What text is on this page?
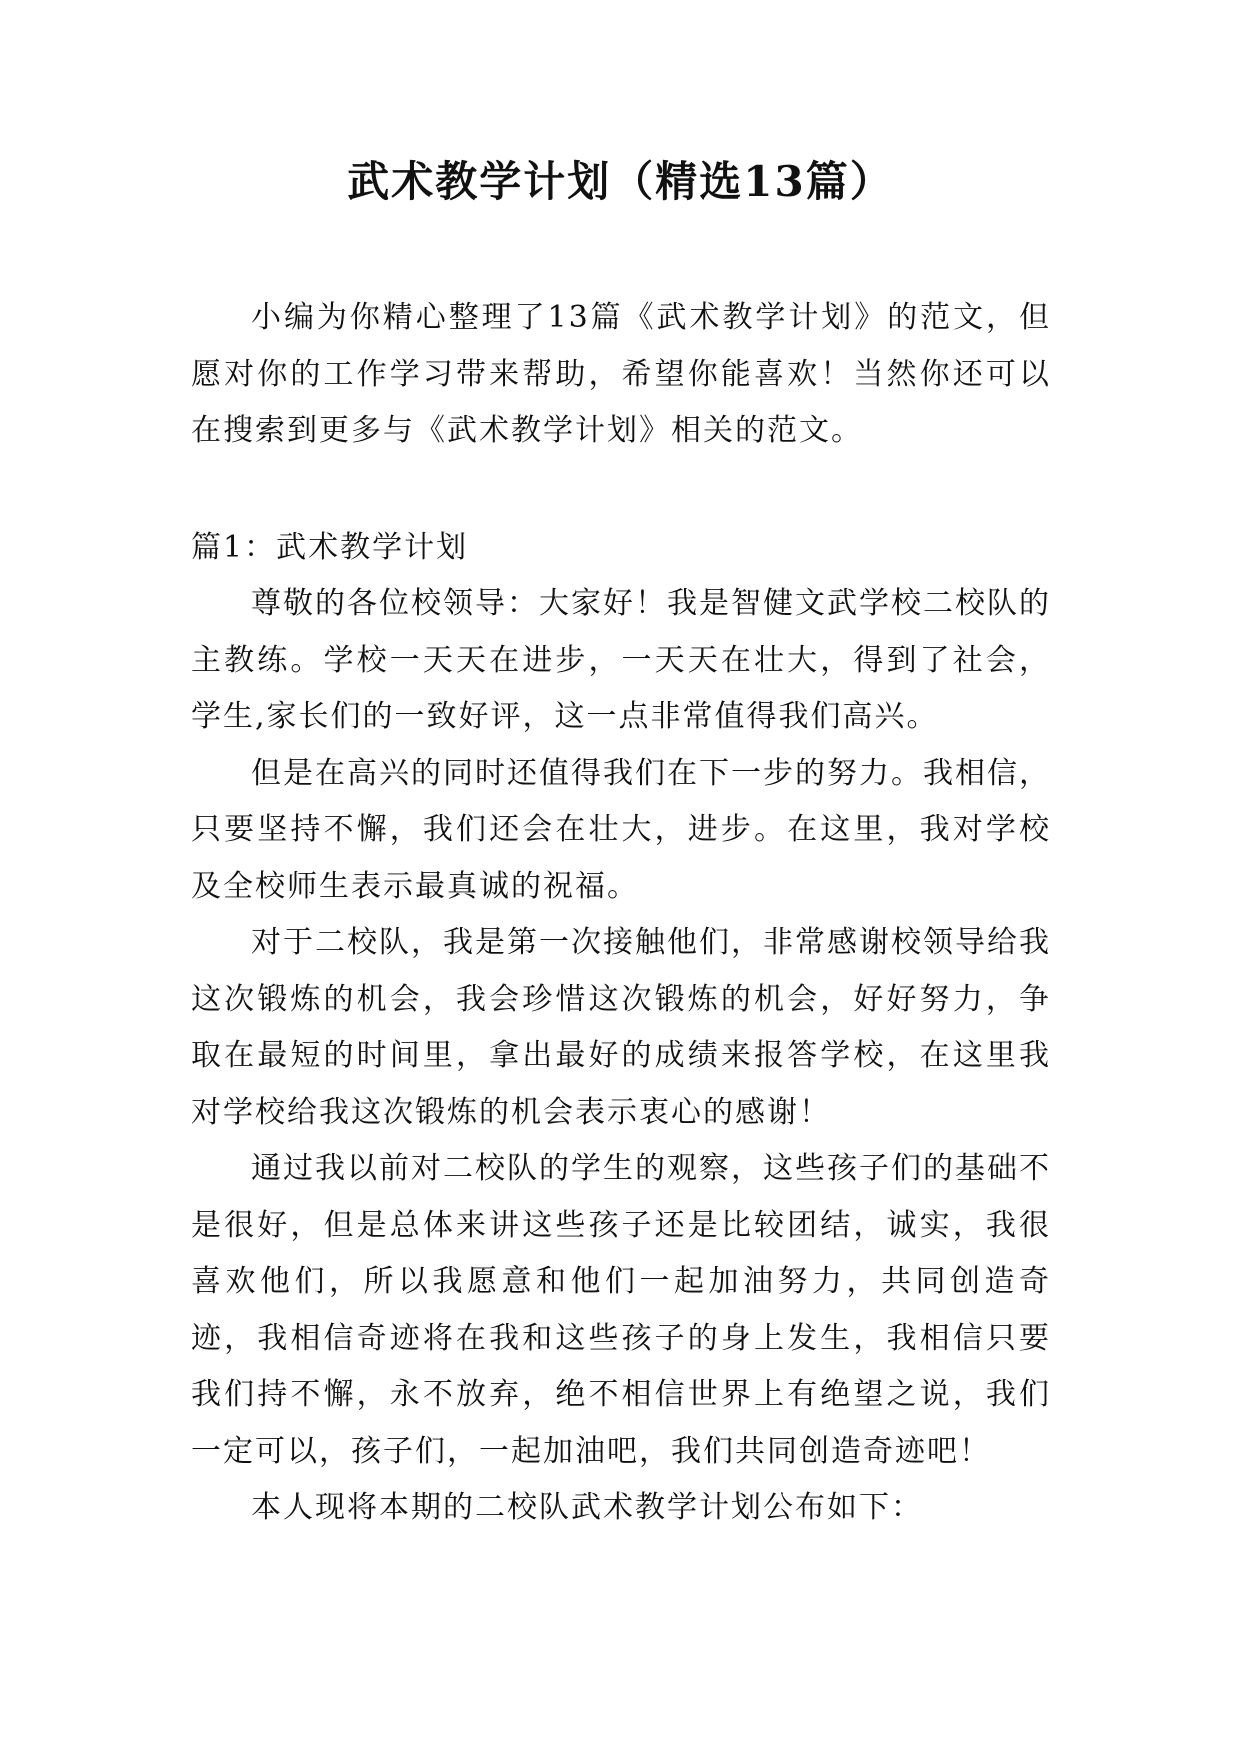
武术教学计划（精选13篇）

小编为你精心整理了13篇《武术教学计划》的范文，但愿对你的工作学习带来帮助，希望你能喜欢！当然你还可以在搜索到更多与《武术教学计划》相关的范文。

篇1：武术教学计划

尊敬的各位校领导：大家好！我是智健文武学校二校队的主教练。学校一天天在进步，一天天在壮大，得到了社会，学生,家长们的一致好评，这一点非常值得我们高兴。

但是在高兴的同时还值得我们在下一步的努力。我相信，只要坚持不懈，我们还会在壮大，进步。在这里，我对学校及全校师生表示最真诚的祝福。

对于二校队，我是第一次接触他们，非常感谢校领导给我这次锻炼的机会，我会珍惜这次锻炼的机会，好好努力，争取在最短的时间里，拿出最好的成绩来报答学校，在这里我对学校给我这次锻炼的机会表示衷心的感谢！

通过我以前对二校队的学生的观察，这些孩子们的基础不是很好，但是总体来讲这些孩子还是比较团结，诚实，我很喜欢他们，所以我愿意和他们一起加油努力，共同创造奇迹，我相信奇迹将在我和这些孩子的身上发生，我相信只要我们持不懈，永不放弃，绝不相信世界上有绝望之说，我们一定可以，孩子们，一起加油吧，我们共同创造奇迹吧！

本人现将本期的二校队武术教学计划公布如下：
